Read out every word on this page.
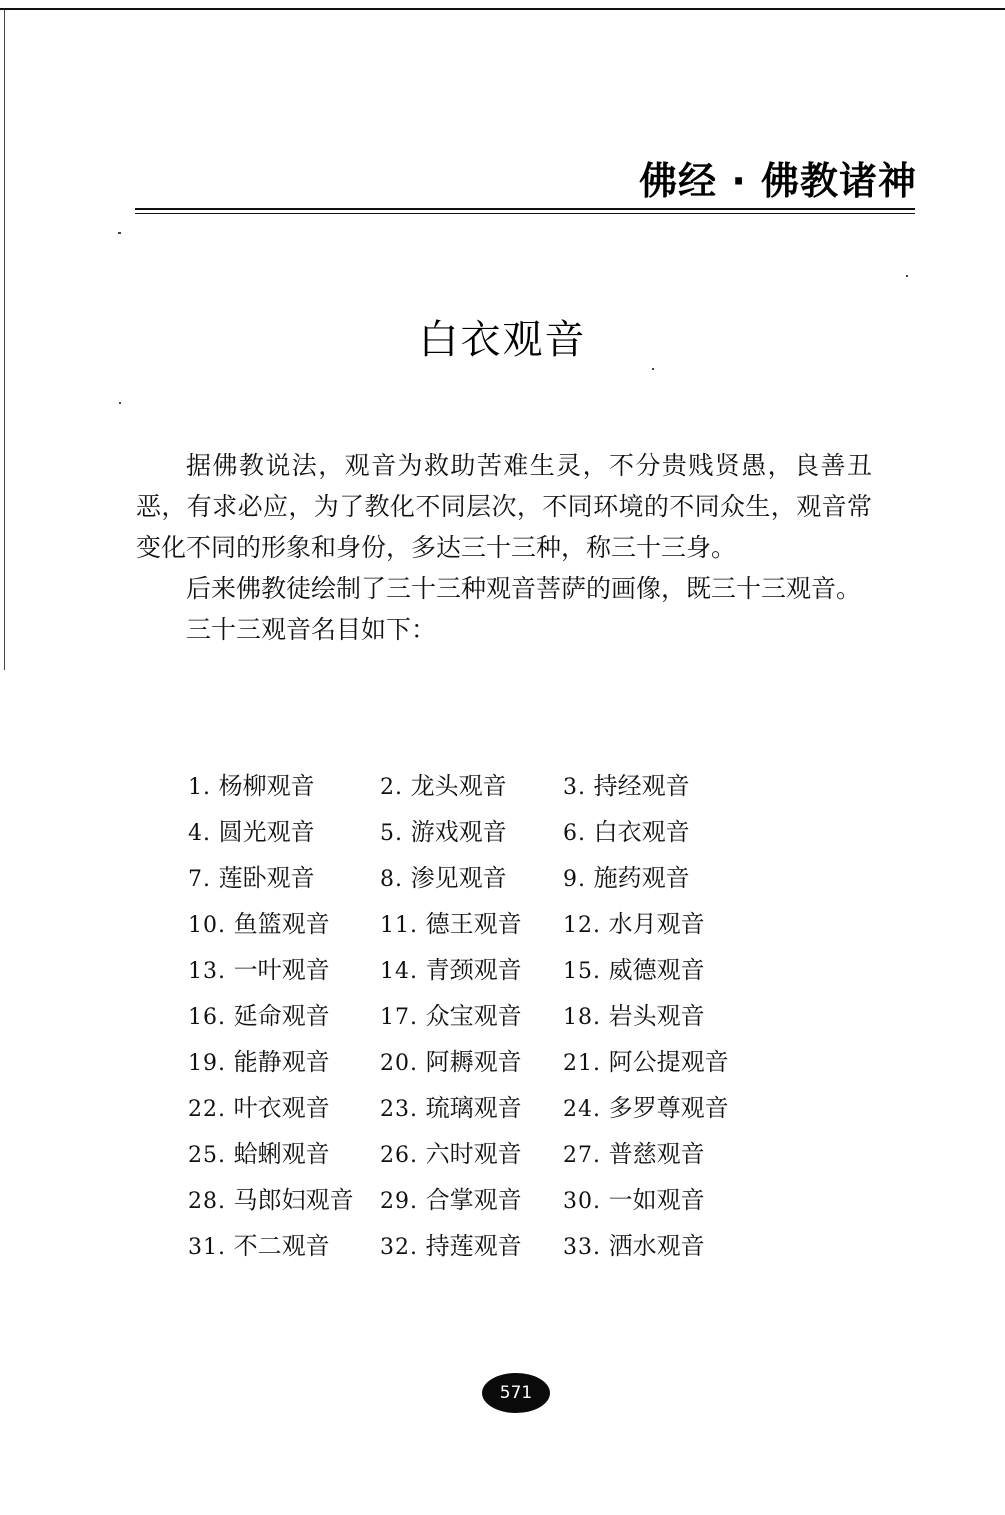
佛经 · 佛教诸神
白衣观音

据佛教说法，观音为救助苦难生灵，不分贵贱贤愚，良善丑恶，有求必应，为了教化不同层次，不同环境的不同众生，观音常变化不同的形象和身份，多达三十三种，称三十三身。

后来佛教徒绘制了三十三种观音菩萨的画像，既三十三观音。

三十三观音名目如下：

1. 杨柳观音	2. 龙头观音	3. 持经观音
4. 圆光观音	5. 游戏观音	6. 白衣观音
7. 莲卧观音	8. 渗见观音	9. 施药观音
10. 鱼篮观音	11. 德王观音	12. 水月观音
13. 一叶观音	14. 青颈观音	15. 威德观音
16. 延命观音	17. 众宝观音	18. 岩头观音
19. 能静观音	20. 阿耨观音	21. 阿公提观音
22. 叶衣观音	23. 琉璃观音	24. 多罗尊观音
25. 蛤蜊观音	26. 六时观音	27. 普慈观音
28. 马郎妇观音	29. 合掌观音	30. 一如观音
31. 不二观音	32. 持莲观音	33. 洒水观音
571
